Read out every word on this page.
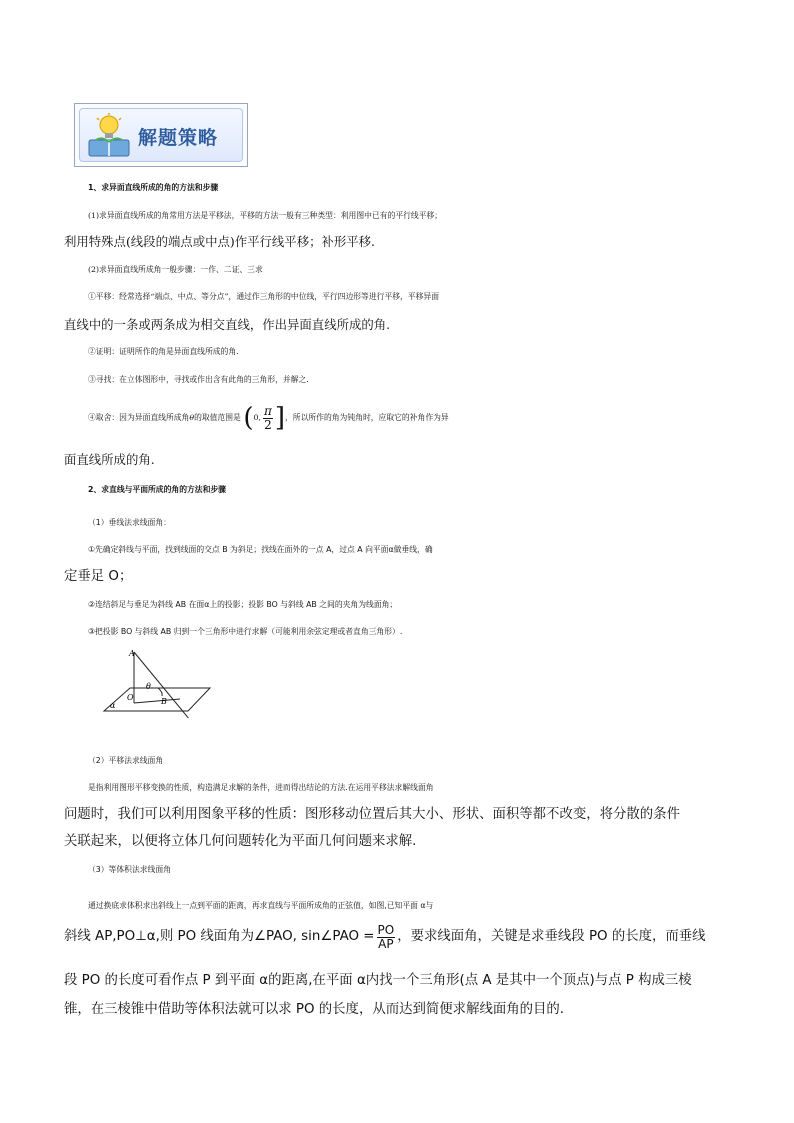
解题策略

1、求异面直线所成的角的方法和步骤

(1)求异面直线所成的角常用方法是平移法，平移的方法一般有三种类型：利用图中已有的平行线平移；

利用特殊点(线段的端点或中点)作平行线平移；补形平移.

(2)求异面直线所成角一般步骤：一作、二证、三求

①平移：经常选择“端点、中点、等分点”，通过作三角形的中位线，平行四边形等进行平移，平移异面

直线中的一条或两条成为相交直线，作出异面直线所成的角.

②证明：证明所作的角是异面直线所成的角.

③寻找：在立体图形中，寻找或作出含有此角的三角形，并解之.

④取舍：因为异面直线所成角θ的取值范围是 (0, $\frac{\pi}{2}$ ]，所以所作的角为钝角时，应取它的补角作为异

面直线所成的角.

2、求直线与平面所成的角的方法和步骤

（1）垂线法求线面角：

①先确定斜线与平面，找到线面的交点 B 为斜足；找线在面外的一点 A，过点 A 向平面α做垂线，确

定垂足 O；

②连结斜足与垂足为斜线 AB 在面α上的投影；投影 BO 与斜线 AB 之间的夹角为线面角；

③把投影 BO 与斜线 AB 归到一个三角形中进行求解（可能利用余弦定理或者直角三角形）.

A
O	B
θ
α

（2）平移法求线面角

是指利用图形平移变换的性质，构造满足求解的条件，进而得出结论的方法.在运用平移法求解线面角

问题时，我们可以利用图象平移的性质：图形移动位置后其大小、形状、面积等都不改变，将分散的条件

关联起来，以便将立体几何问题转化为平面几何问题来求解.

（3）等体积法求线面角

通过换底求体积求出斜线上一点到平面的距离，再求直线与平面所成角的正弦值，如图,已知平面 α与

斜线 AP,PO⊥α,则 PO 线面角为∠PAO, sin∠PAO = $\frac{PO}{AP}$ ，要求线面角，关键是求垂线段 PO 的长度，而垂线

段 PO 的长度可看作点 P 到平面 α的距离,在平面 α内找一个三角形(点 A 是其中一个顶点)与点 P 构成三棱

锥，在三棱锥中借助等体积法就可以求 PO 的长度，从而达到简便求解线面角的目的.
